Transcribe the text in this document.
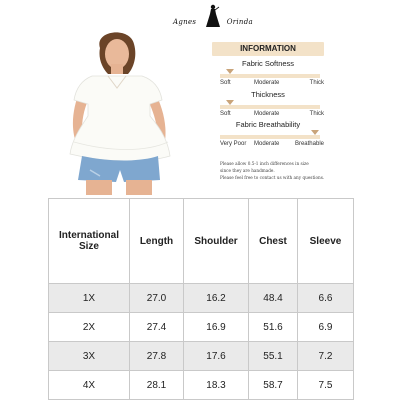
Agnes	Orinda
INFORMATION
Fabric Softness
Soft	Moderate	Thick
Thickness
Soft	Moderate	Thick
Fabric Breathability
Very Poor Moderate	Breathable
Please allow 0.5-1 inch differences in size
since they are handmade.
Please feel free to contact us with any questions.
International Size	Length	Shoulder	Chest	Sleeve
1X	27.0	16.2	48.4	6.6
2X	27.4	16.9	51.6	6.9
3X	27.8	17.6	55.1	7.2
4X	28.1	18.3	58.7	7.5
